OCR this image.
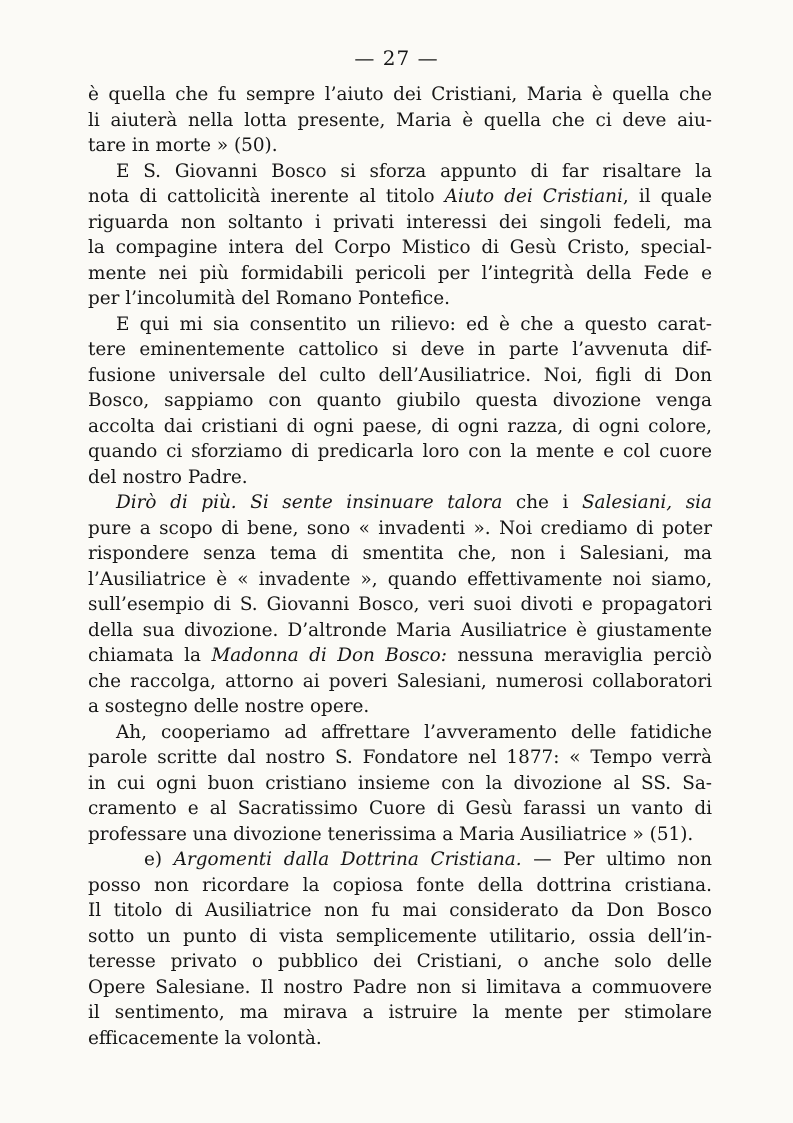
— 27 —
è quella che fu sempre l’aiuto dei Cristiani, Maria è quella che
li aiuterà nella lotta presente, Maria è quella che ci deve aiu-
tare in morte » (50).
E S. Giovanni Bosco si sforza appunto di far risaltare la
nota di cattolicità inerente al titolo Aiuto dei Cristiani, il quale
riguarda non soltanto i privati interessi dei singoli fedeli, ma
la compagine intera del Corpo Mistico di Gesù Cristo, special-
mente nei più formidabili pericoli per l’integrità della Fede e
per l’incolumità del Romano Pontefice.
E qui mi sia consentito un rilievo: ed è che a questo carat-
tere eminentemente cattolico si deve in parte l’avvenuta dif-
fusione universale del culto dell’Ausiliatrice. Noi, figli di Don
Bosco, sappiamo con quanto giubilo questa divozione venga
accolta dai cristiani di ogni paese, di ogni razza, di ogni colore,
quando ci sforziamo di predicarla loro con la mente e col cuore
del nostro Padre.
Dirò di più. Si sente insinuare talora che i Salesiani, sia
pure a scopo di bene, sono « invadenti ». Noi crediamo di poter
rispondere senza tema di smentita che, non i Salesiani, ma
l’Ausiliatrice è « invadente », quando effettivamente noi siamo,
sull’esempio di S. Giovanni Bosco, veri suoi divoti e propagatori
della sua divozione. D’altronde Maria Ausiliatrice è giustamente
chiamata la Madonna di Don Bosco: nessuna meraviglia perciò
che raccolga, attorno ai poveri Salesiani, numerosi collaboratori
a sostegno delle nostre opere.
Ah, cooperiamo ad affrettare l’avveramento delle fatidiche
parole scritte dal nostro S. Fondatore nel 1877: « Tempo verrà
in cui ogni buon cristiano insieme con la divozione al SS. Sa-
cramento e al Sacratissimo Cuore di Gesù farassi un vanto di
professare una divozione tenerissima a Maria Ausiliatrice » (51).
e) Argomenti dalla Dottrina Cristiana. — Per ultimo non
posso non ricordare la copiosa fonte della dottrina cristiana.
Il titolo di Ausiliatrice non fu mai considerato da Don Bosco
sotto un punto di vista semplicemente utilitario, ossia dell’in-
teresse privato o pubblico dei Cristiani, o anche solo delle
Opere Salesiane. Il nostro Padre non si limitava a commuovere
il sentimento, ma mirava a istruire la mente per stimolare
efficacemente la volontà.
